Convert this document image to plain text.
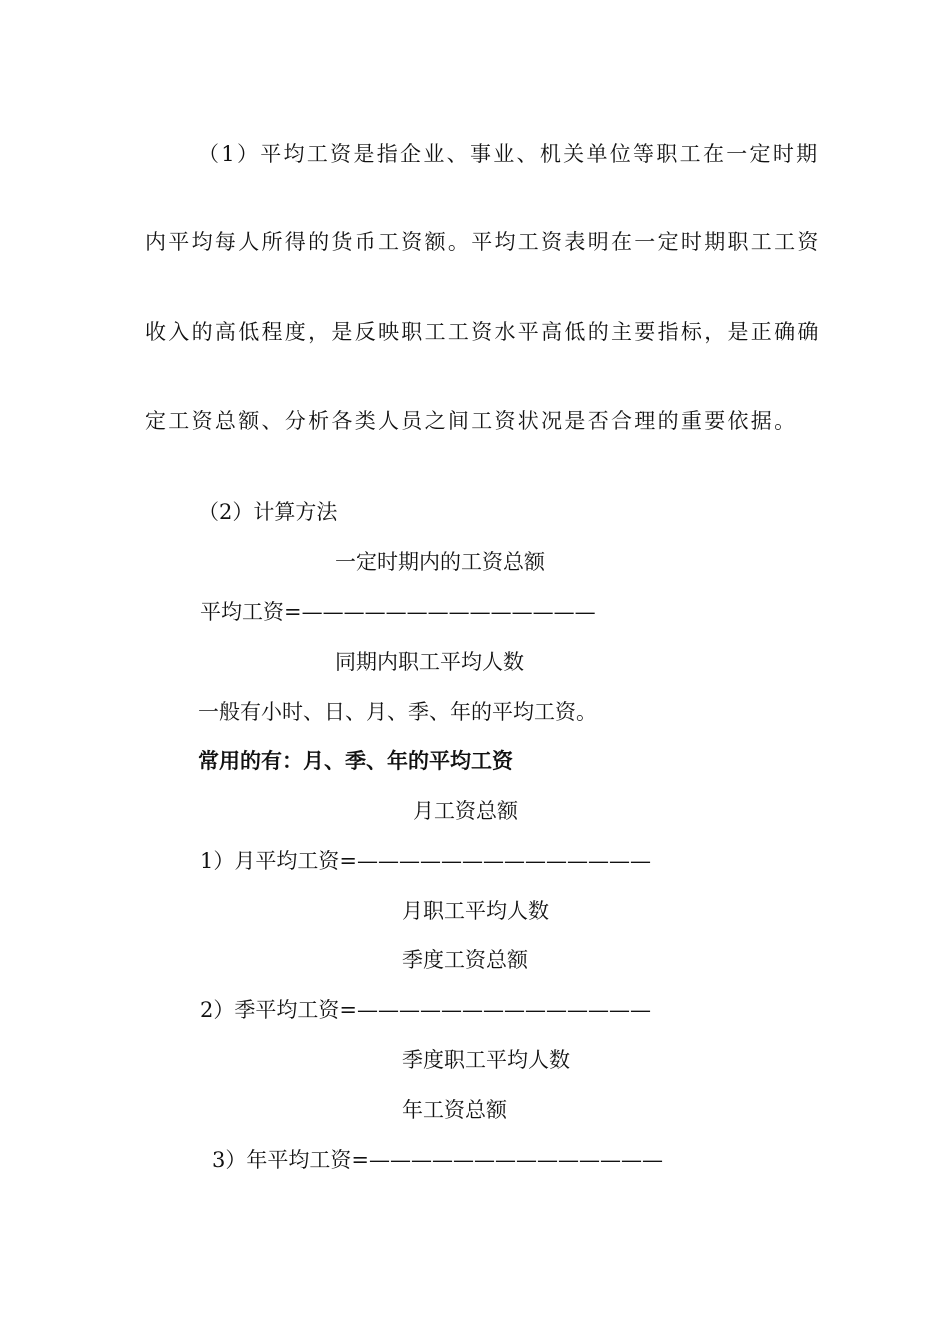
（1）平均工资是指企业、事业、机关单位等职工在一定时期
内平均每人所得的货币工资额。平均工资表明在一定时期职工工资
收入的高低程度，是反映职工工资水平高低的主要指标，是正确确
定工资总额、分析各类人员之间工资状况是否合理的重要依据。
（2）计算方法
一定时期内的工资总额
平均工资=——————————————
同期内职工平均人数
一般有小时、日、月、季、年的平均工资。
常用的有：月、季、年的平均工资
月工资总额
1）月平均工资=——————————————
月职工平均人数
季度工资总额
2）季平均工资=——————————————
季度职工平均人数
年工资总额
3）年平均工资=——————————————
